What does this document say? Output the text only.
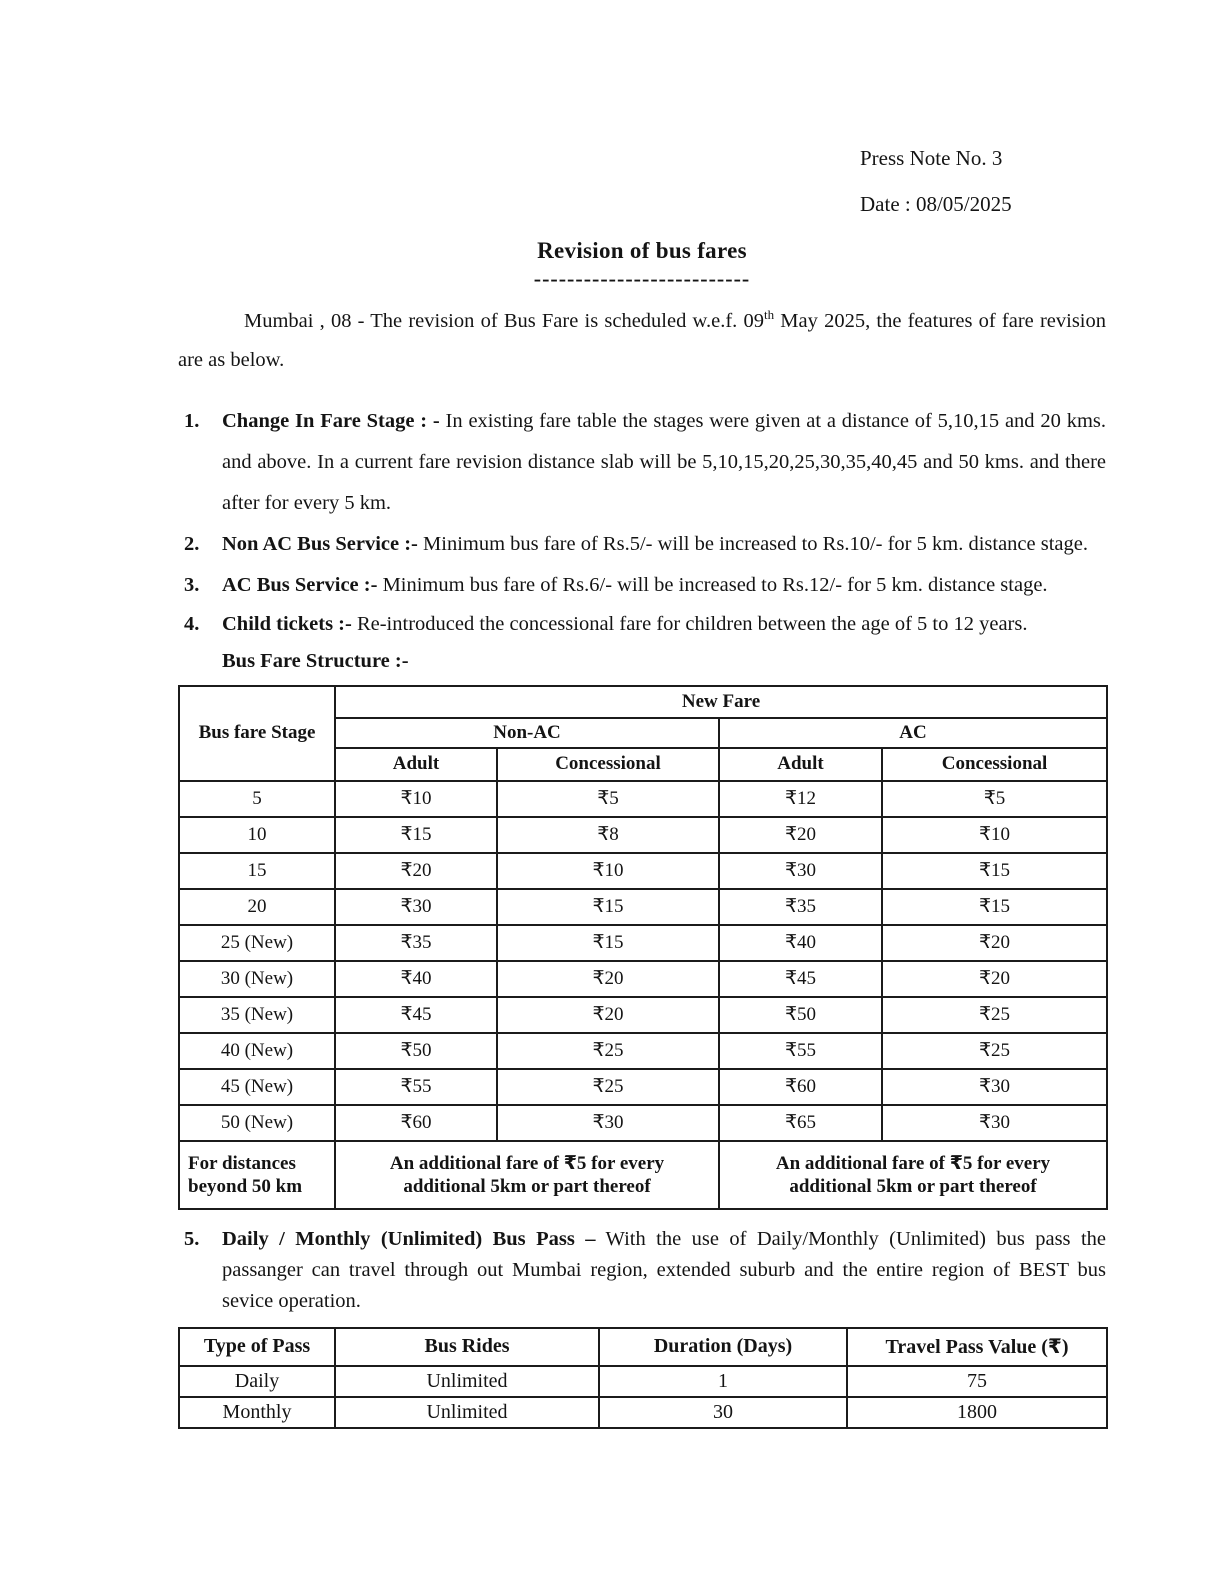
Press Note No. 3
Date : 08/05/2025
Revision of bus fares
--------------------------

Mumbai , 08 - The revision of Bus Fare is scheduled w.e.f. 09th May 2025, the features of fare revision are as below.

1. Change In Fare Stage : - In existing fare table the stages were given at a distance of 5,10,15 and 20 kms. and above. In a current fare revision distance slab will be 5,10,15,20,25,30,35,40,45 and 50 kms. and there after for every 5 km.
2. Non AC Bus Service :- Minimum bus fare of Rs.5/- will be increased to Rs.10/- for 5 km. distance stage.
3. AC Bus Service :- Minimum bus fare of Rs.6/- will be increased to Rs.12/- for 5 km. distance stage.
4. Child tickets :- Re-introduced the concessional fare for children between the age of 5 to 12 years.
Bus Fare Structure :-
Bus fare Stage	New Fare			
	Non-AC		AC	
	Adult	Concessional	Adult	Concessional
5	₹10	₹5	₹12	₹5
10	₹15	₹8	₹20	₹10
15	₹20	₹10	₹30	₹15
20	₹30	₹15	₹35	₹15
25 (New)	₹35	₹15	₹40	₹20
30 (New)	₹40	₹20	₹45	₹20
35 (New)	₹45	₹20	₹50	₹25
40 (New)	₹50	₹25	₹55	₹25
45 (New)	₹55	₹25	₹60	₹30
50 (New)	₹60	₹30	₹65	₹30
For distances beyond 50 km	An additional fare of ₹5 for every additional 5km or part thereof		An additional fare of ₹5 for every additional 5km or part thereof	
5. Daily / Monthly (Unlimited) Bus Pass – With the use of Daily/Monthly (Unlimited) bus pass the passanger can travel through out Mumbai region, extended suburb and the entire region of BEST bus sevice operation.
Type of Pass	Bus Rides	Duration (Days)	Travel Pass Value (₹)
Daily	Unlimited	1	75
Monthly	Unlimited	30	1800
